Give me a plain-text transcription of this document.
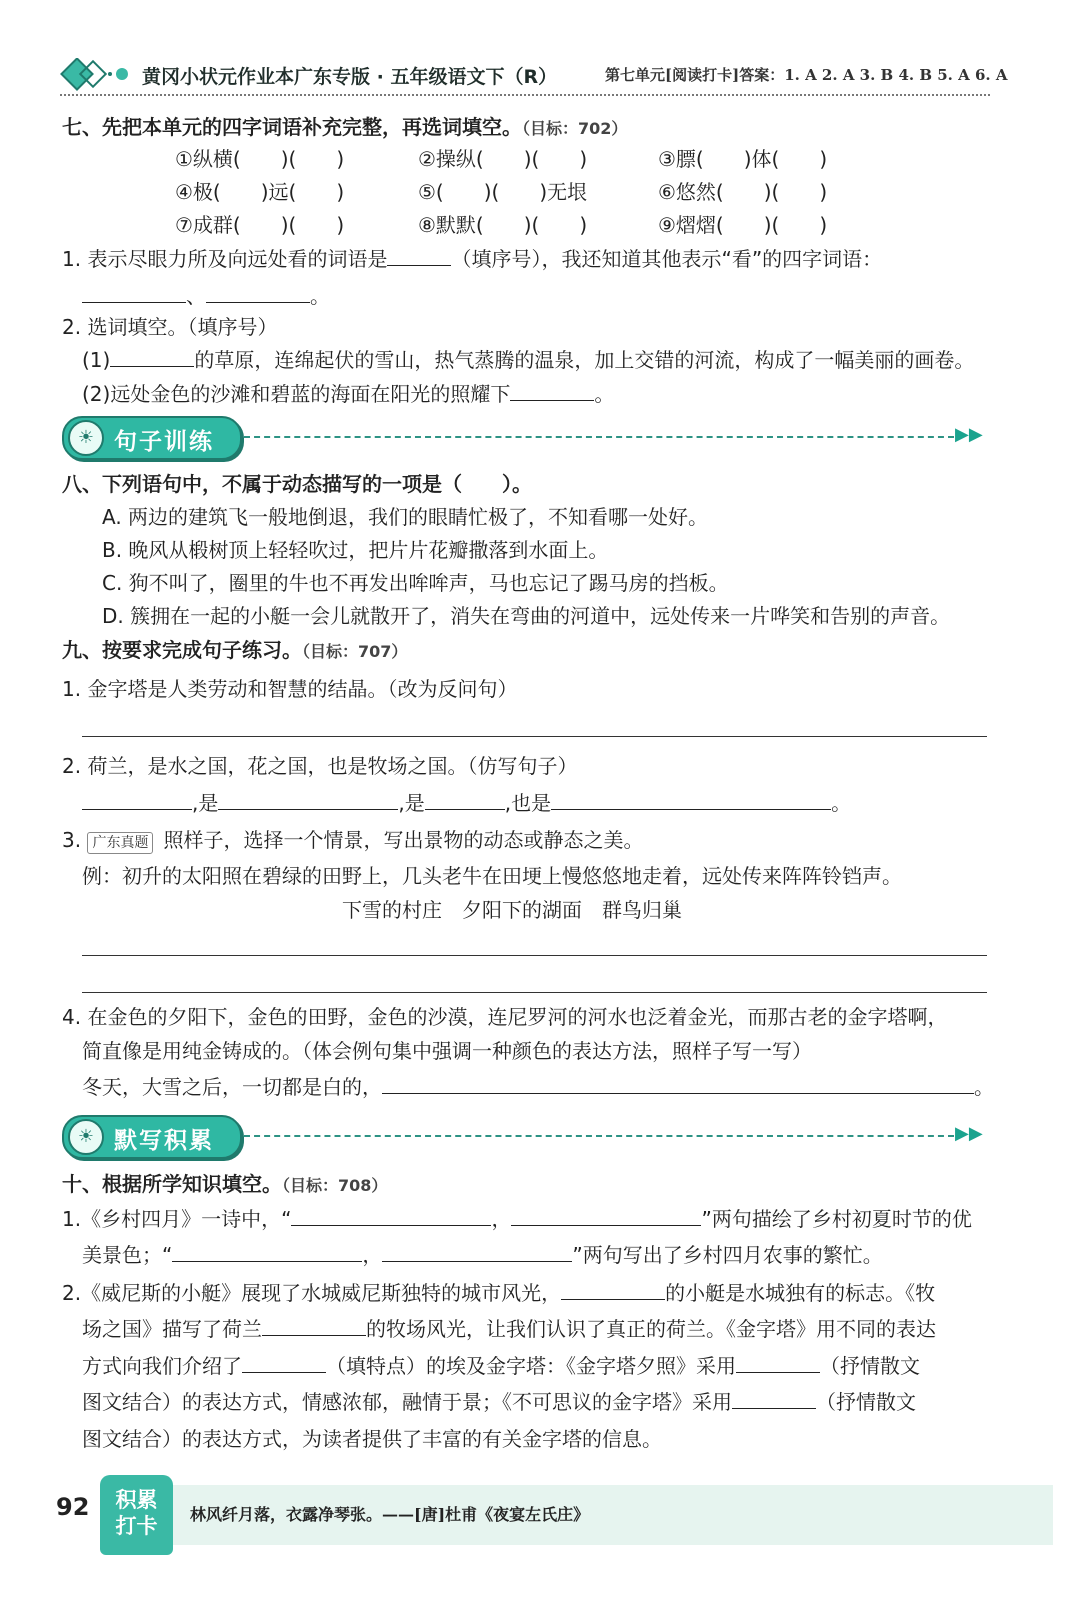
黄冈小状元作业本广东专版 · 五年级语文下（R）	第七单元[阅读打卡]答案：1. A 2. A 3. B 4. B 5. A 6. A
七、先把本单元的四字词语补充完整，再选词填空。（目标：702）
①纵横(　　)(　　)	②操纵(　　)(　　)	③膘(　　)体(　　)
④极(　　)远(　　)	⑤(　　)(　　)无垠	⑥悠然(　　)(　　)
⑦成群(　　)(　　)	⑧默默(　　)(　　)	⑨熠熠(　　)(　　)
1. 表示尽眼力所及向远处看的词语是	（填序号），我还知道其他表示“看”的四字词语：
、	。
2. 选词填空。（填序号）
(1)	的草原，连绵起伏的雪山，热气蒸腾的温泉，加上交错的河流，构成了一幅美丽的画卷。
(2)远处金色的沙滩和碧蓝的海面在阳光的照耀下	。
☀ 句子训练	▶▶
八、下列语句中，不属于动态描写的一项是（　　）。
A. 两边的建筑飞一般地倒退，我们的眼睛忙极了，不知看哪一处好。
B. 晚风从椴树顶上轻轻吹过，把片片花瓣撒落到水面上。
C. 狗不叫了，圈里的牛也不再发出哞哞声，马也忘记了踢马房的挡板。
D. 簇拥在一起的小艇一会儿就散开了，消失在弯曲的河道中，远处传来一片哗笑和告别的声音。
九、按要求完成句子练习。（目标：707）
1. 金字塔是人类劳动和智慧的结晶。（改为反问句）
2. 荷兰，是水之国，花之国，也是牧场之国。（仿写句子）
,是	,是	,也是	。
3. 广东真题 照样子，选择一个情景，写出景物的动态或静态之美。
例：初升的太阳照在碧绿的田野上，几头老牛在田埂上慢悠悠地走着，远处传来阵阵铃铛声。
下雪的村庄　夕阳下的湖面　群鸟归巢
4. 在金色的夕阳下，金色的田野，金色的沙漠，连尼罗河的河水也泛着金光，而那古老的金字塔啊，
简直像是用纯金铸成的。（体会例句集中强调一种颜色的表达方法，照样子写一写）
冬天，大雪之后，一切都是白的，	。
☀ 默写积累	▶▶
十、根据所学知识填空。（目标：708）
1.《乡村四月》一诗中，“	，	”两句描绘了乡村初夏时节的优
美景色；“	，	”两句写出了乡村四月农事的繁忙。
2.《威尼斯的小艇》展现了水城威尼斯独特的城市风光，	的小艇是水城独有的标志。《牧
场之国》描写了荷兰	的牧场风光，让我们认识了真正的荷兰。《金字塔》用不同的表达
方式向我们介绍了	（填特点）的埃及金字塔：《金字塔夕照》采用	（抒情散文
图文结合）的表达方式，情感浓郁，融情于景；《不可思议的金字塔》采用	（抒情散文
图文结合）的表达方式，为读者提供了丰富的有关金字塔的信息。
92	积累
打卡	林风纤月落，衣露净琴张。——[唐]杜甫《夜宴左氏庄》
